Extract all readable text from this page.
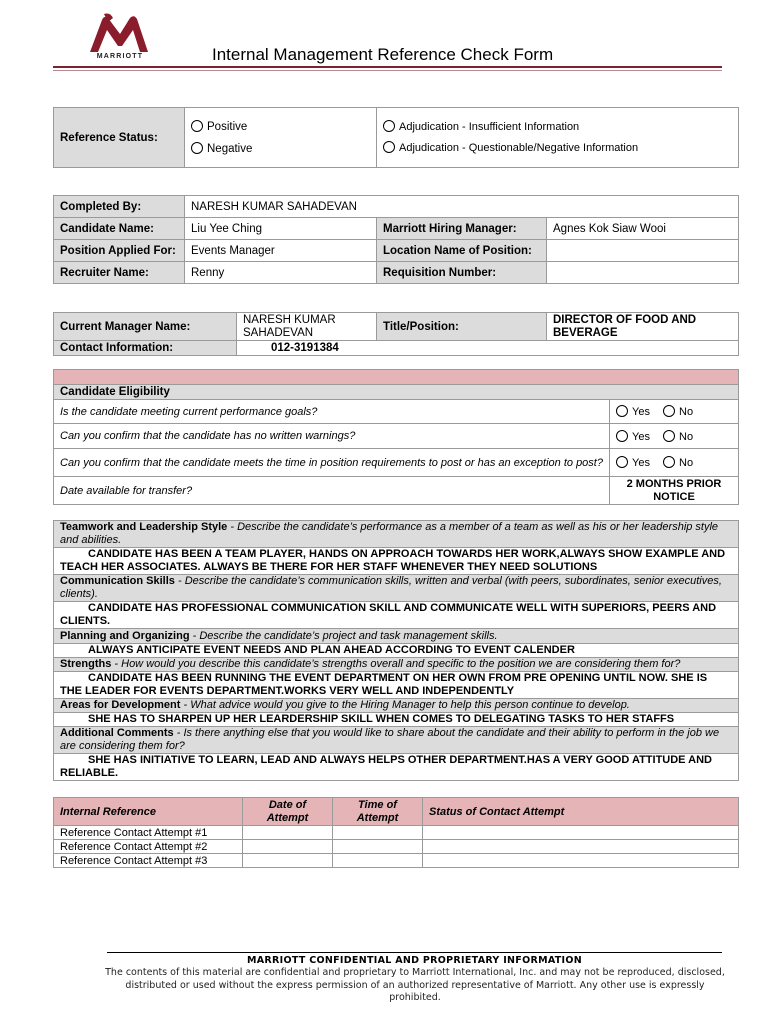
MARRIOTT	Internal Management Reference Check Form
Reference Status:	
Positive
Negative

Adjudication - Insufficient Information
Adjudication - Questionable/Negative Information
Completed By:	NARESH KUMAR SAHADEVAN		
Candidate Name:	Liu Yee Ching	Marriott Hiring Manager:	Agnes Kok Siaw Wooi
Position Applied For:	Events Manager	Location Name of Position:	
Recruiter Name:	Renny	Requisition Number:	
Current Manager Name:	NARESH KUMAR SAHADEVAN	Title/Position:	DIRECTOR OF FOOD AND BEVERAGE
Contact Information:	012-3191384		

Candidate Eligibility	
Is the candidate meeting current performance goals?	Yes No
Can you confirm that the candidate has no written warnings?	Yes No
Can you confirm that the candidate meets the time in position requirements to post or has an exception to post?	Yes No
Date available for transfer?	2 MONTHS PRIOR NOTICE
Teamwork and Leadership Style - Describe the candidate’s performance as a member of a team as well as his or her leadership style and abilities.
CANDIDATE HAS BEEN A TEAM PLAYER, HANDS ON APPROACH TOWARDS HER WORK,ALWAYS SHOW EXAMPLE AND TEACH HER ASSOCIATES. ALWAYS BE THERE FOR HER STAFF WHENEVER THEY NEED SOLUTIONS
Communication Skills - Describe the candidate’s communication skills, written and verbal (with peers, subordinates, senior executives, clients).
CANDIDATE HAS PROFESSIONAL COMMUNICATION SKILL AND COMMUNICATE WELL WITH SUPERIORS, PEERS AND CLIENTS.
Planning and Organizing - Describe the candidate’s project and task management skills.
ALWAYS ANTICIPATE EVENT NEEDS AND PLAN AHEAD ACCORDING TO EVENT CALENDER
Strengths - How would you describe this candidate’s strengths overall and specific to the position we are considering them for?
CANDIDATE HAS BEEN RUNNING THE EVENT DEPARTMENT ON HER OWN FROM PRE OPENING UNTIL NOW. SHE IS THE LEADER FOR EVENTS DEPARTMENT.WORKS VERY WELL AND INDEPENDENTLY
Areas for Development - What advice would you give to the Hiring Manager to help this person continue to develop.
SHE HAS TO SHARPEN UP HER LEARDERSHIP SKILL WHEN COMES TO DELEGATING TASKS TO HER STAFFS
Additional Comments - Is there anything else that you would like to share about the candidate and their ability to perform in the job we are considering them for?
SHE HAS INITIATIVE TO LEARN, LEAD AND ALWAYS HELPS OTHER DEPARTMENT.HAS A VERY GOOD ATTITUDE AND RELIABLE.
Internal Reference	Date of Attempt	Time of Attempt	Status of Contact Attempt
Reference Contact Attempt #1			
Reference Contact Attempt #2			
Reference Contact Attempt #3			
MARRIOTT CONFIDENTIAL AND PROPRIETARY INFORMATION
The contents of this material are confidential and proprietary to Marriott International, Inc. and may not be reproduced, disclosed, distributed or used without the express permission of an authorized representative of Marriott. Any other use is expressly prohibited.
